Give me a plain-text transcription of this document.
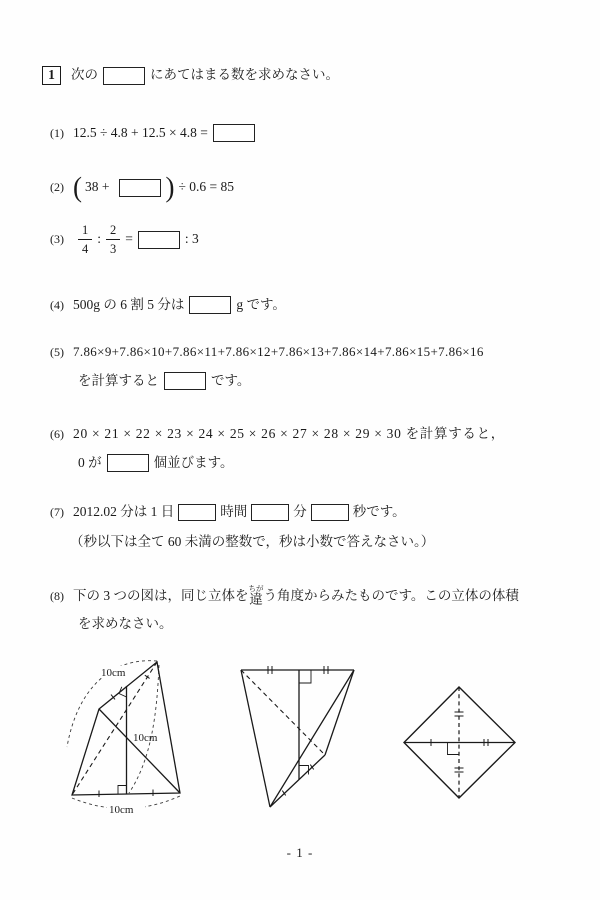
1	次の	にあてはまる数を求めなさい。
(1) 12.5 ÷ 4.8 + 12.5 × 4.8 =
(2) ( 38 + ) ÷ 0.6 = 85
$(3) \frac{1}{4}$ : $\frac{2}{3}$ =	: 3
(4) 500g の 6 割 5 分は	g です。
(5) 7.86×9+7.86×10+7.86×11+7.86×12+7.86×13+7.86×14+7.86×15+7.86×16
を計算すると	です。
(6) 20 × 21 × 22 × 23 × 24 × 25 × 26 × 27 × 28 × 29 × 30 を計算すると，
0 が	個並びます。
(7) 2012.02 分は 1 日	時間	分	秒です。
（秒以下は全て 60 未満の整数で，秒は小数で答えなさい。）
(8) 下の 3 つの図は，同じ立体を 違ちが う角度からみたものです。この立体の体積
を求めなさい。
10cm
10cm
10cm
- 1 -
